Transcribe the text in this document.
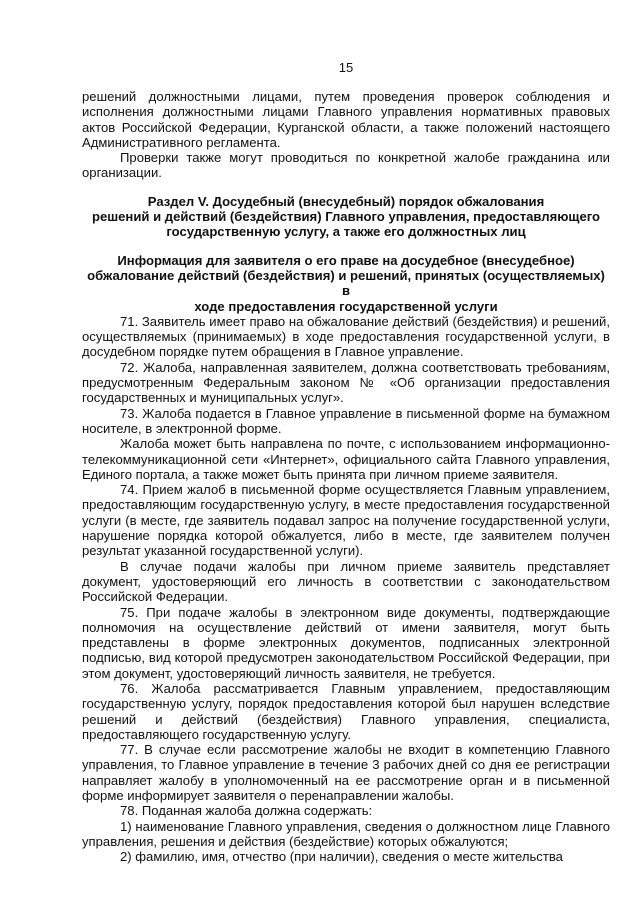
15

решений должностными лицами, путем проведения проверок соблюдения и исполнения должностными лицами Главного управления нормативных правовых актов Российской Федерации, Курганской области, а также положений настоящего Административного регламента.

Проверки также могут проводиться по конкретной жалобе гражданина или организации.

Раздел V. Досудебный (внесудебный) порядок обжалования
решений и действий (бездействия) Главного управления, предоставляющего
государственную услугу, а также его должностных лиц
Информация для заявителя о его праве на досудебное (внесудебное)
обжалование действий (бездействия) и решений, принятых (осуществляемых) в
ходе предоставления государственной услуги

71. Заявитель имеет право на обжалование действий (бездействия) и решений, осуществляемых (принимаемых) в ходе предоставления государственной услуги, в досудебном порядке путем обращения в Главное управление.

72. Жалоба, направленная заявителем, должна соответствовать требованиям, предусмотренным Федеральным законом № «Об организации предоставления государственных и муниципальных услуг».

73. Жалоба подается в Главное управление в письменной форме на бумажном носителе, в электронной форме.

Жалоба может быть направлена по почте, с использованием информационно-телекоммуникационной сети «Интернет», официального сайта Главного управления, Единого портала, а также может быть принята при личном приеме заявителя.

74. Прием жалоб в письменной форме осуществляется Главным управлением, предоставляющим государственную услугу, в месте предоставления государственной услуги (в месте, где заявитель подавал запрос на получение государственной услуги, нарушение порядка которой обжалуется, либо в месте, где заявителем получен результат указанной государственной услуги).

В случае подачи жалобы при личном приеме заявитель представляет документ, удостоверяющий его личность в соответствии с законодательством Российской Федерации.

75. При подаче жалобы в электронном виде документы, подтверждающие полномочия на осуществление действий от имени заявителя, могут быть представлены в форме электронных документов, подписанных электронной подписью, вид которой предусмотрен законодательством Российской Федерации, при этом документ, удостоверяющий личность заявителя, не требуется.

76. Жалоба рассматривается Главным управлением, предоставляющим государственную услугу, порядок предоставления которой был нарушен вследствие решений и действий (бездействия) Главного управления, специалиста, предоставляющего государственную услугу.

77. В случае если рассмотрение жалобы не входит в компетенцию Главного управления, то Главное управление в течение 3 рабочих дней со дня ее регистрации направляет жалобу в уполномоченный на ее рассмотрение орган и в письменной форме информирует заявителя о перенаправлении жалобы.

78. Поданная жалоба должна содержать:

1) наименование Главного управления, сведения о должностном лице Главного управления, решения и действия (бездействие) которых обжалуются;

2) фамилию, имя, отчество (при наличии), сведения о месте жительства
